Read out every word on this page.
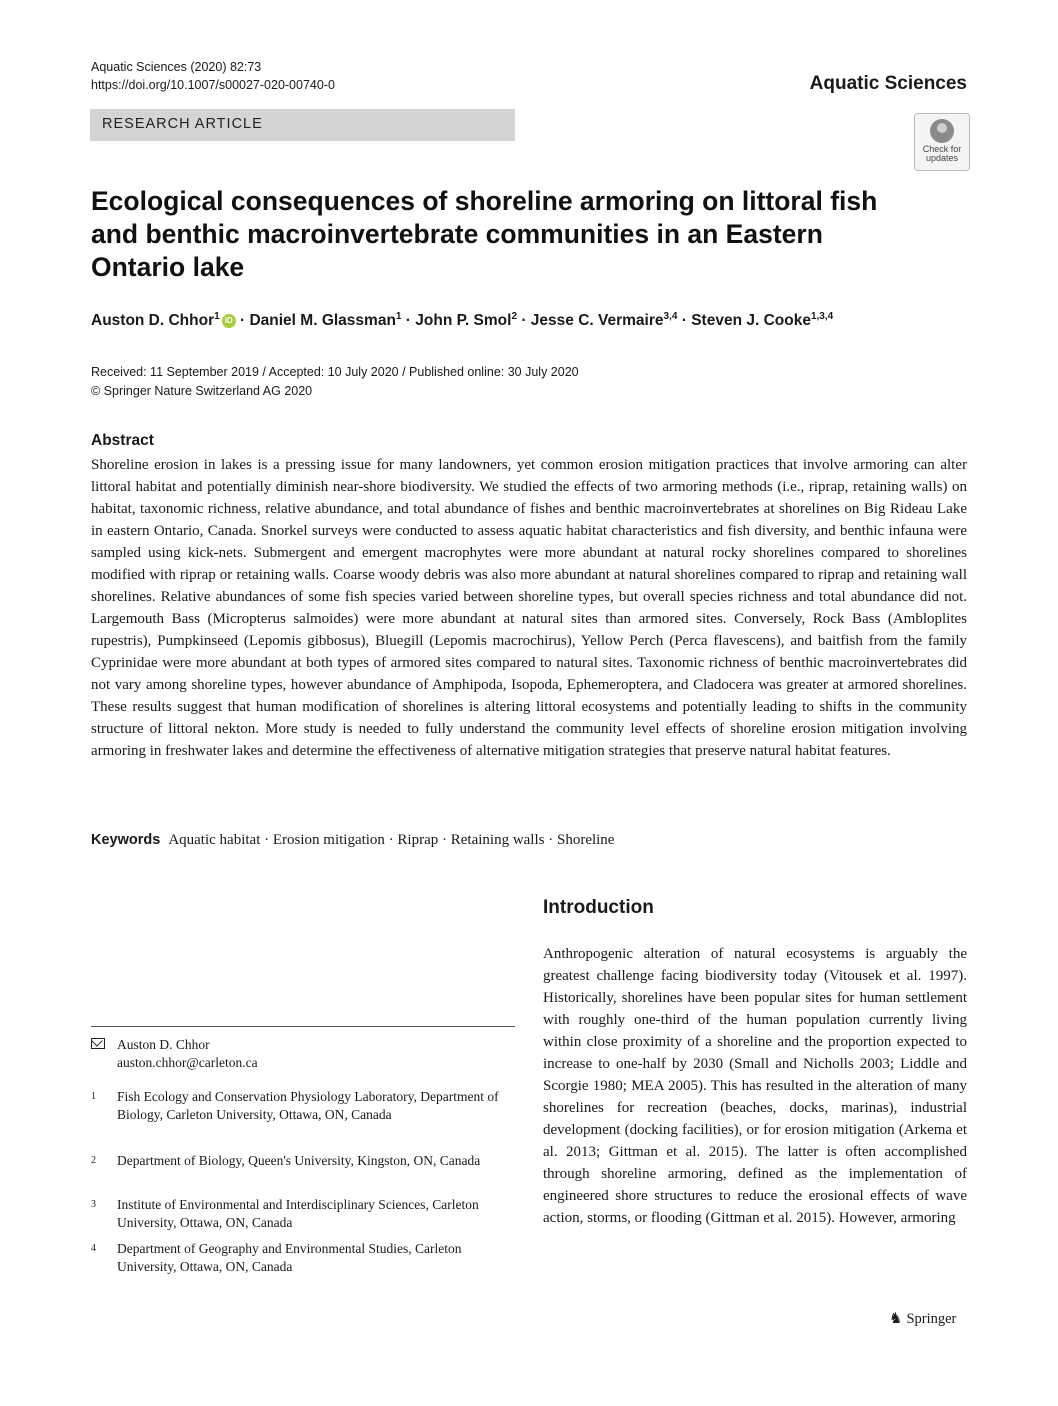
Aquatic Sciences (2020) 82:73
https://doi.org/10.1007/s00027-020-00740-0	Aquatic Sciences
RESEARCH ARTICLE
Check for
updates
Ecological consequences of shoreline armoring on littoral fish and benthic macroinvertebrate communities in an Eastern Ontario lake
Auston D. Chhor$^1$ iD · Daniel M. Glassman$^1$ · John P. Smol$^2$ · Jesse C. Vermaire$^{3,4}$ · Steven J. Cooke$^{1,3,4}$
Received: 11 September 2019 / Accepted: 10 July 2020 / Published online: 30 July 2020
© Springer Nature Switzerland AG 2020
Abstract

Shoreline erosion in lakes is a pressing issue for many landowners, yet common erosion mitigation practices that involve armoring can alter littoral habitat and potentially diminish near-shore biodiversity. We studied the effects of two armoring methods (i.e., riprap, retaining walls) on habitat, taxonomic richness, relative abundance, and total abundance of fishes and benthic macroinvertebrates at shorelines on Big Rideau Lake in eastern Ontario, Canada. Snorkel surveys were conducted to assess aquatic habitat characteristics and fish diversity, and benthic infauna were sampled using kick-nets. Submergent and emergent macrophytes were more abundant at natural rocky shorelines compared to shorelines modified with riprap or retaining walls. Coarse woody debris was also more abundant at natural shorelines compared to riprap and retaining wall shorelines. Relative abundances of some fish species varied between shoreline types, but overall species richness and total abundance did not. Largemouth Bass (Micropterus salmoides) were more abundant at natural sites than armored sites. Conversely, Rock Bass (Ambloplites rupestris), Pumpkinseed (Lepomis gibbosus), Bluegill (Lepomis macrochirus), Yellow Perch (Perca flavescens), and baitfish from the family Cyprinidae were more abundant at both types of armored sites compared to natural sites. Taxonomic richness of benthic macroinvertebrates did not vary among shoreline types, however abundance of Amphipoda, Isopoda, Ephemeroptera, and Cladocera was greater at armored shorelines. These results suggest that human modification of shorelines is altering littoral ecosystems and potentially leading to shifts in the community structure of littoral nekton. More study is needed to fully understand the community level effects of shoreline erosion mitigation involving armoring in freshwater lakes and determine the effectiveness of alternative mitigation strategies that preserve natural habitat features.

Keywords Aquatic habitat · Erosion mitigation · Riprap · Retaining walls · Shoreline
Introduction

Anthropogenic alteration of natural ecosystems is arguably the greatest challenge facing biodiversity today (Vitousek et al. 1997). Historically, shorelines have been popular sites for human settlement with roughly one-third of the human population currently living within close proximity of a shoreline and the proportion expected to increase to one-half by 2030 (Small and Nicholls 2003; Liddle and Scorgie 1980; MEA 2005). This has resulted in the alteration of many shorelines for recreation (beaches, docks, marinas), industrial development (docking facilities), or for erosion mitigation (Arkema et al. 2013; Gittman et al. 2015). The latter is often accomplished through shoreline armoring, defined as the implementation of engineered shore structures to reduce the erosional effects of wave action, storms, or flooding (Gittman et al. 2015). However, armoring

Auston D. Chhor
auston.chhor@carleton.ca
1 Fish Ecology and Conservation Physiology Laboratory, Department of Biology, Carleton University, Ottawa, ON, Canada
2 Department of Biology, Queen's University, Kingston, ON, Canada
3 Institute of Environmental and Interdisciplinary Sciences, Carleton University, Ottawa, ON, Canada
4 Department of Geography and Environmental Studies, Carleton University, Ottawa, ON, Canada
♞ Springer
